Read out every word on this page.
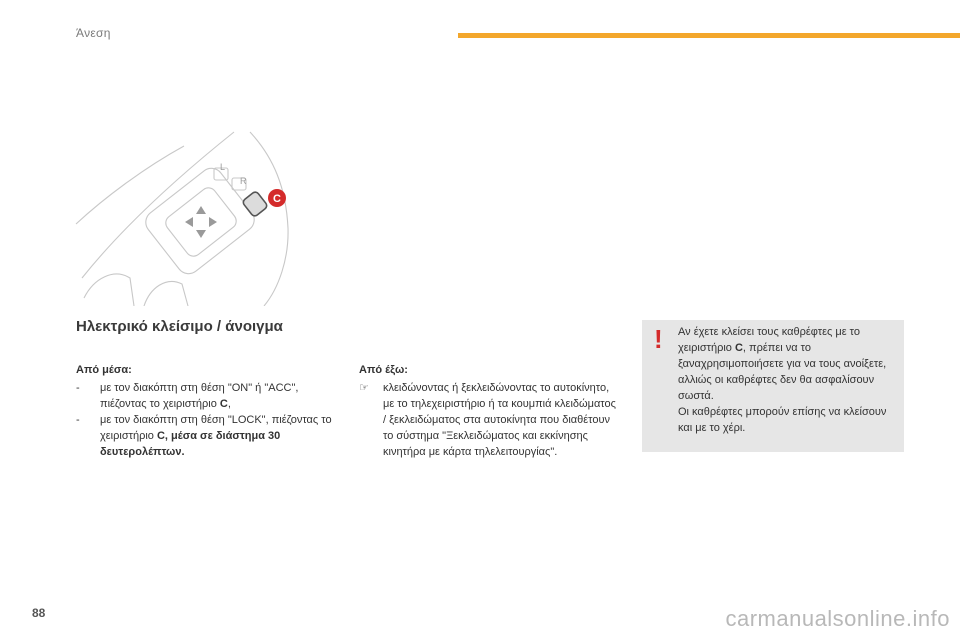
Άνεση
L
R
C
Ηλεκτρικό κλείσιμο / άνοιγμα
Από μέσα:
- με τον διακόπτη στη θέση "ON" ή "ACC", πιέζοντας το χειριστήριο C,
- με τον διακόπτη στη θέση "LOCK", πιέζοντας το χειριστήριο C, μέσα σε διάστημα 30 δευτερολέπτων.
Από έξω:
☞ κλειδώνοντας ή ξεκλειδώνοντας το αυτοκίνητο, με το τηλεχειριστήριο ή τα κουμπιά κλειδώματος / ξεκλειδώματος στα αυτοκίνητα που διαθέτουν το σύστημα "Ξεκλειδώματος και εκκίνησης κινητήρα με κάρτα τηλελειτουργίας".
! Αν έχετε κλείσει τους καθρέφτες με το χειριστήριο C, πρέπει να το ξαναχρησιμοποιήσετε για να τους ανοίξετε, αλλιώς οι καθρέφτες δεν θα ασφαλίσουν σωστά.
Οι καθρέφτες μπορούν επίσης να κλείσουν και με το χέρι.
88	carmanualsonline.info
